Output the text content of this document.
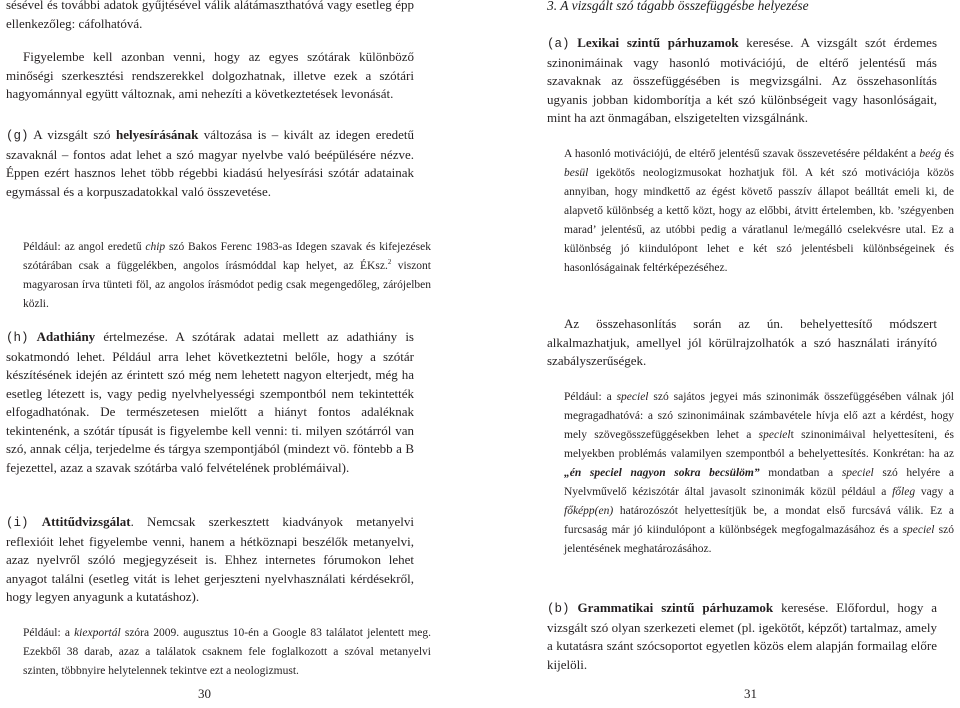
sésével és további adatok gyűjtésével válik alátámaszthatóvá vagy esetleg épp ellenkezőleg: cáfolhatóvá.

Figyelembe kell azonban venni, hogy az egyes szótárak különböző minőségi szerkesztési rendszerekkel dolgozhatnak, illetve ezek a szótári hagyománnyal együtt változnak, ami nehezíti a következtetések levonását.

(g) A vizsgált szó helyesírásának változása is – kivált az idegen eredetű szavaknál – fontos adat lehet a szó magyar nyelvbe való beépülésére nézve. Éppen ezért hasznos lehet több régebbi kiadású helyesírási szótár adatainak egymással és a korpuszadatokkal való összevetése.

Például: az angol eredetű chip szó Bakos Ferenc 1983-as Idegen szavak és kifejezések szótárában csak a függelékben, angolos írásmóddal kap helyet, az ÉKsz.$^2$ viszont magyarosan írva tünteti föl, az angolos írásmódot pedig csak megengedőleg, zárójelben közli.

(h) Adathiány értelmezése. A szótárak adatai mellett az adathiány is sokatmondó lehet. Például arra lehet következtetni belőle, hogy a szótár készítésének idején az érintett szó még nem lehetett nagyon elterjedt, még ha esetleg létezett is, vagy pedig nyelvhelyességi szempontból nem tekintették elfogadhatónak. De természetesen mielőtt a hiányt fontos adaléknak tekintenénk, a szótár típusát is figyelembe kell venni: ti. milyen szótárról van szó, annak célja, terjedelme és tárgya szempontjából (mindezt vö. föntebb a B fejezettel, azaz a szavak szótárba való felvételének problémáival).

(i) Attitűdvizsgálat. Nemcsak szerkesztett kiadványok metanyelvi reflexióit lehet figyelembe venni, hanem a hétköznapi beszélők metanyelvi, azaz nyelvről szóló megjegyzéseit is. Ehhez internetes fórumokon lehet anyagot találni (esetleg vitát is lehet gerjeszteni nyelvhasználati kérdésekről, hogy legyen anyagunk a kutatáshoz).

Például: a kiexportál szóra 2009. augusztus 10-én a Google 83 találatot jelentett meg. Ezekből 38 darab, azaz a találatok csaknem fele foglalkozott a szóval metanyelvi szinten, többnyire helytelennek tekintve ezt a neologizmust.

30

3. A vizsgált szó tágabb összefüggésbe helyezése

(a) Lexikai szintű párhuzamok keresése. A vizsgált szót érdemes szinonimáinak vagy hasonló motivációjú, de eltérő jelentésű más szavaknak az összefüggésében is megvizsgálni. Az összehasonlítás ugyanis jobban kidomborítja a két szó különbségeit vagy hasonlóságait, mint ha azt önmagában, elszigetelten vizsgálnánk.

A hasonló motivációjú, de eltérő jelentésű szavak összevetésére példaként a beég és besül igekötős neologizmusokat hozhatjuk föl. A két szó motivációja közös annyiban, hogy mindkettő az égést követő passzív állapot beálltát emeli ki, de alapvető különbség a kettő közt, hogy az előbbi, átvitt értelemben, kb. ’szégyenben marad’ jelentésű, az utóbbi pedig a váratlanul le/megálló cselekvésre utal. Ez a különbség jó kiindulópont lehet e két szó jelentésbeli különbségeinek és hasonlóságainak feltérképezéséhez.

Az összehasonlítás során az ún. behelyettesítő módszert alkalmazhatjuk, amellyel jól körülrajzolhatók a szó használati irányító szabályszerűségek.

Például: a speciel szó sajátos jegyei más szinonimák összefüggésében válnak jól megragadhatóvá: a szó szinonimáinak számbavétele hívja elő azt a kérdést, hogy mely szövegösszefüggésekben lehet a specielt szinonimáival helyettesíteni, és melyekben problémás valamilyen szempontból a behelyettesítés. Konkrétan: ha az „én speciel nagyon sokra becsülöm” mondatban a speciel szó helyére a Nyelvművelő kéziszótár által javasolt szinonimák közül például a főleg vagy a főképp(en) határozószót helyettesítjük be, a mondat első furcsává válik. Ez a furcsaság már jó kiindulópont a különbségek megfogalmazásához és a speciel szó jelentésének meghatározásához.

(b) Grammatikai szintű párhuzamok keresése. Előfordul, hogy a vizsgált szó olyan szerkezeti elemet (pl. igekötőt, képzőt) tartalmaz, amely a kutatásra szánt szócsoportot egyetlen közös elem alapján formailag előre kijelöli.

31
